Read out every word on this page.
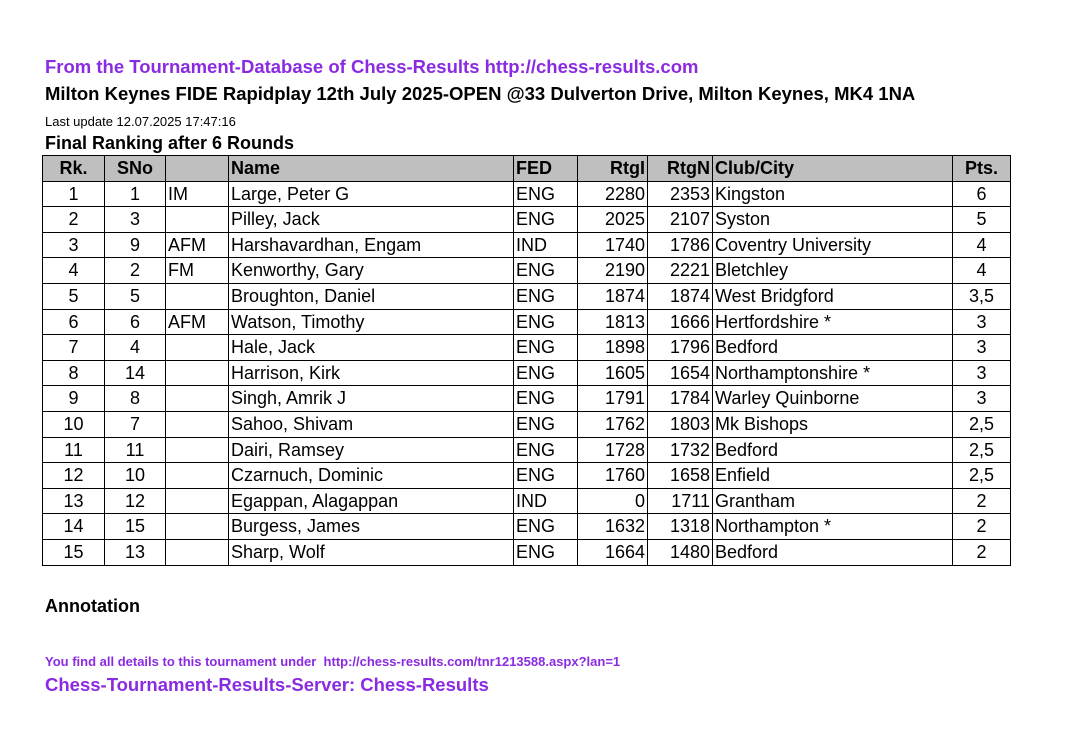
From the Tournament-Database of Chess-Results http://chess-results.com
Milton Keynes FIDE Rapidplay 12th July 2025-OPEN @33 Dulverton Drive, Milton Keynes, MK4 1NA
Last update 12.07.2025 17:47:16
Final Ranking after 6 Rounds
Rk.	SNo		Name	FED	RtgI	RtgN	Club/City	Pts.
1	1	IM	Large, Peter G	ENG	2280	2353	Kingston	6
2	3		Pilley, Jack	ENG	2025	2107	Syston	5
3	9	AFM	Harshavardhan, Engam	IND	1740	1786	Coventry University	4
4	2	FM	Kenworthy, Gary	ENG	2190	2221	Bletchley	4
5	5		Broughton, Daniel	ENG	1874	1874	West Bridgford	3,5
6	6	AFM	Watson, Timothy	ENG	1813	1666	Hertfordshire *	3
7	4		Hale, Jack	ENG	1898	1796	Bedford	3
8	14		Harrison, Kirk	ENG	1605	1654	Northamptonshire *	3
9	8		Singh, Amrik J	ENG	1791	1784	Warley Quinborne	3
10	7		Sahoo, Shivam	ENG	1762	1803	Mk Bishops	2,5
11	11		Dairi, Ramsey	ENG	1728	1732	Bedford	2,5
12	10		Czarnuch, Dominic	ENG	1760	1658	Enfield	2,5
13	12		Egappan, Alagappan	IND	0	1711	Grantham	2
14	15		Burgess, James	ENG	1632	1318	Northampton *	2
15	13		Sharp, Wolf	ENG	1664	1480	Bedford	2
Annotation
You find all details to this tournament under  http://chess-results.com/tnr1213588.aspx?lan=1
Chess-Tournament-Results-Server: Chess-Results
